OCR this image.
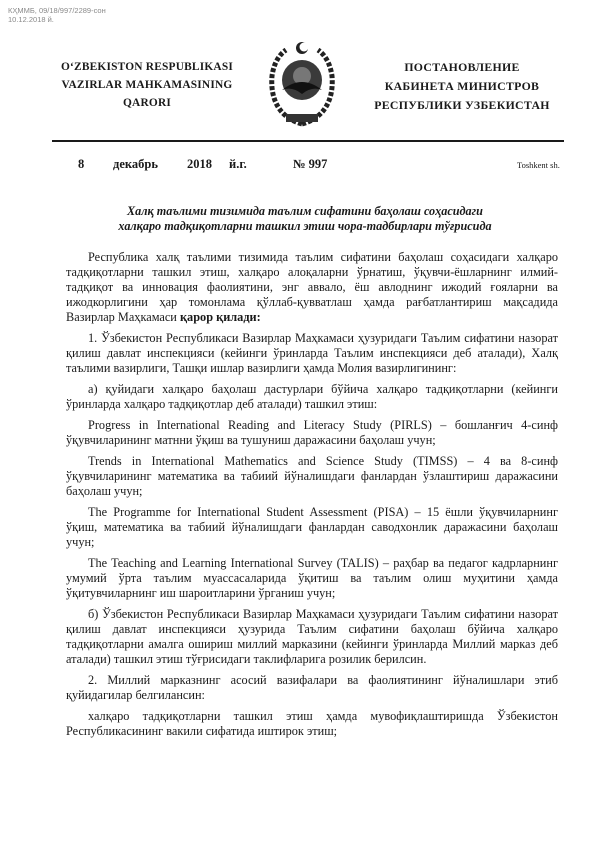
КҲММБ, 09/18/997/2289-сон
10.12.2018 й.
O‘ZBEKISTON RESPUBLIKASI
VAZIRLAR MAHKAMASINING
QARORI
ПОСТАНОВЛЕНИЕ
КАБИНЕТА МИНИСТРОВ
РЕСПУБЛИКИ УЗБЕКИСТАН
8 декабрь 2018 й.г.	№ 997	Toshkent sh.
Халқ таълими тизимида таълим сифатини баҳолаш соҳасидаги
халқаро тадқиқотларни ташкил этиш чора-тадбирлари тўғрисида

Республика халқ таълими тизимида таълим сифатини баҳолаш соҳасидаги халқаро тадқиқотларни ташкил этиш, халқаро алоқаларни ўрнатиш, ўқувчи-ёшларнинг илмий-тадқиқот ва инновация фаолиятини, энг аввало, ёш авлоднинг ижодий ғояларни ва ижодкорлигини ҳар томонлама қўллаб-қувватлаш ҳамда рағбатлантириш мақсадида Вазирлар Маҳкамаси қарор қилади:

1. Ўзбекистон Республикаси Вазирлар Маҳкамаси ҳузуридаги Таълим сифатини назорат қилиш давлат инспекцияси (кейинги ўринларда Таълим инспекцияси деб аталади), Халқ таълими вазирлиги, Ташқи ишлар вазирлиги ҳамда Молия вазирлигининг:

а) қуйидаги халқаро баҳолаш дастурлари бўйича халқаро тадқиқотларни (кейинги ўринларда халқаро тадқиқотлар деб аталади) ташкил этиш:

Progress in International Reading and Literacy Study (PIRLS) – бошланғич 4-синф ўқувчиларининг матнни ўқиш ва тушуниш даражасини баҳолаш учун;

Trends in International Mathematics and Science Study (TIMSS) – 4 ва 8-синф ўқувчиларининг математика ва табиий йўналишдаги фанлардан ўзлаштириш даражасини баҳолаш учун;

The Programme for International Student Assessment (PISA) – 15 ёшли ўқувчиларнинг ўқиш, математика ва табиий йўналишдаги фанлардан саводхонлик даражасини баҳолаш учун;

The Teaching and Learning International Survey (TALIS) – раҳбар ва педагог кадрларнинг умумий ўрта таълим муассасаларида ўқитиш ва таълим олиш муҳитини ҳамда ўқитувчиларнинг иш шароитларини ўрганиш учун;

б) Ўзбекистон Республикаси Вазирлар Маҳкамаси ҳузуридаги Таълим сифатини назорат қилиш давлат инспекцияси ҳузурида Таълим сифатини баҳолаш бўйича халқаро тадқиқотларни амалга ошириш миллий марказини (кейинги ўринларда Миллий марказ деб аталади) ташкил этиш тўғрисидаги таклифларига розилик берилсин.

2. Миллий марказнинг асосий вазифалари ва фаолиятининг йўналишлари этиб қуйидагилар белгилансин:

халқаро тадқиқотларни ташкил этиш ҳамда мувофиқлаштиришда Ўзбекистон Республикасининг вакили сифатида иштирок этиш;
